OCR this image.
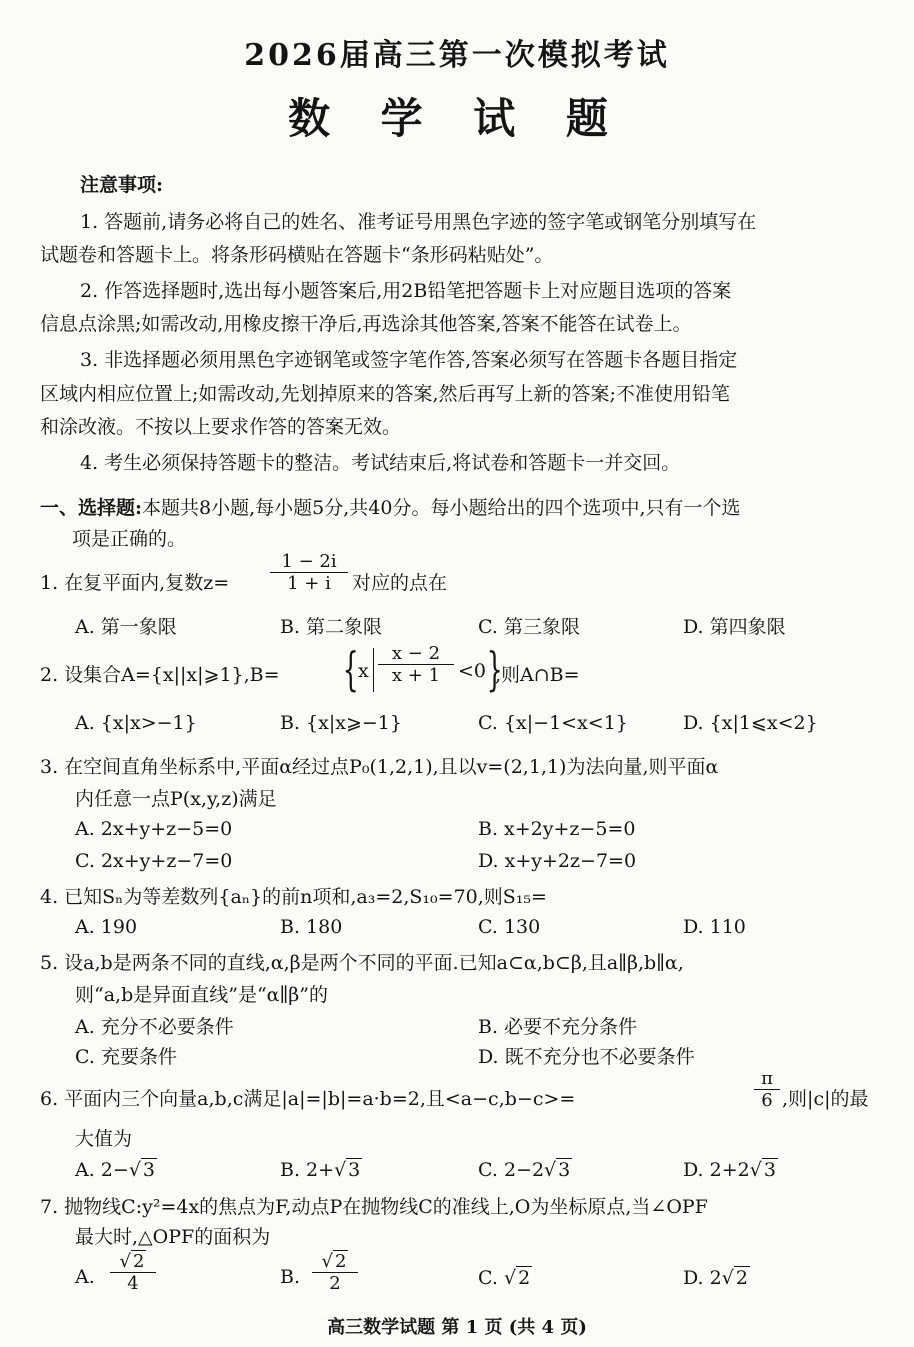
2026届高三第一次模拟考试
数 学 试 题
注意事项:
1. 答题前,请务必将自己的姓名、准考证号用黑色字迹的签字笔或钢笔分别填写在
试题卷和答题卡上。将条形码横贴在答题卡“条形码粘贴处”。
2. 作答选择题时,选出每小题答案后,用2B铅笔把答题卡上对应题目选项的答案
信息点涂黑;如需改动,用橡皮擦干净后,再选涂其他答案,答案不能答在试卷上。
3. 非选择题必须用黑色字迹钢笔或签字笔作答,答案必须写在答题卡各题目指定
区域内相应位置上;如需改动,先划掉原来的答案,然后再写上新的答案;不准使用铅笔
和涂改液。不按以上要求作答的答案无效。
4. 考生必须保持答题卡的整洁。考试结束后,将试卷和答题卡一并交回。
一、选择题:本题共8小题,每小题5分,共40分。每小题给出的四个选项中,只有一个选
项是正确的。
1. 在复平面内,复数z=
1 − 2i
1 + i	对应的点在
A. 第一象限	B. 第二象限	C. 第三象限	D. 第四象限
2. 设集合A={x||x|⩾1},B= { x
x − 2
x + 1 <0 }
,则A∩B=
A. {x|x>−1}	B. {x|x⩾−1}	C. {x|−1<x<1}	D. {x|1⩽x<2}
3. 在空间直角坐标系中,平面α经过点P₀(1,2,1),且以v=(2,1,1)为法向量,则平面α
内任意一点P(x,y,z)满足
A. 2x+y+z−5=0	B. x+2y+z−5=0
C. 2x+y+z−7=0	D. x+y+2z−7=0
4. 已知Sₙ为等差数列{aₙ}的前n项和,a₃=2,S₁₀=70,则S₁₅=
A. 190	B. 180	C. 130	D. 110
5. 设a,b是两条不同的直线,α,β是两个不同的平面.已知a⊂α,b⊂β,且a∥β,b∥α,
则“a,b是异面直线”是“α∥β”的
A. 充分不必要条件	B. 必要不充分条件
C. 充要条件	D. 既不充分也不必要条件
6. 平面内三个向量a,b,c满足|a|=|b|=a·b=2,且<a−c,b−c>=
π
6 ,则|c|的最
大值为
A. 2−√ 3	B. 2+√ 3	C. 2−2√ 3	D. 2+2√ 3
7. 抛物线C:y²=4x的焦点为F,动点P在抛物线C的准线上,O为坐标原点,当∠OPF
最大时,△OPF的面积为
A.
√ 2
4	B.
√ 2
2	C. √ 2	D. 2√ 2
高三数学试题 第 1 页 (共 4 页)
